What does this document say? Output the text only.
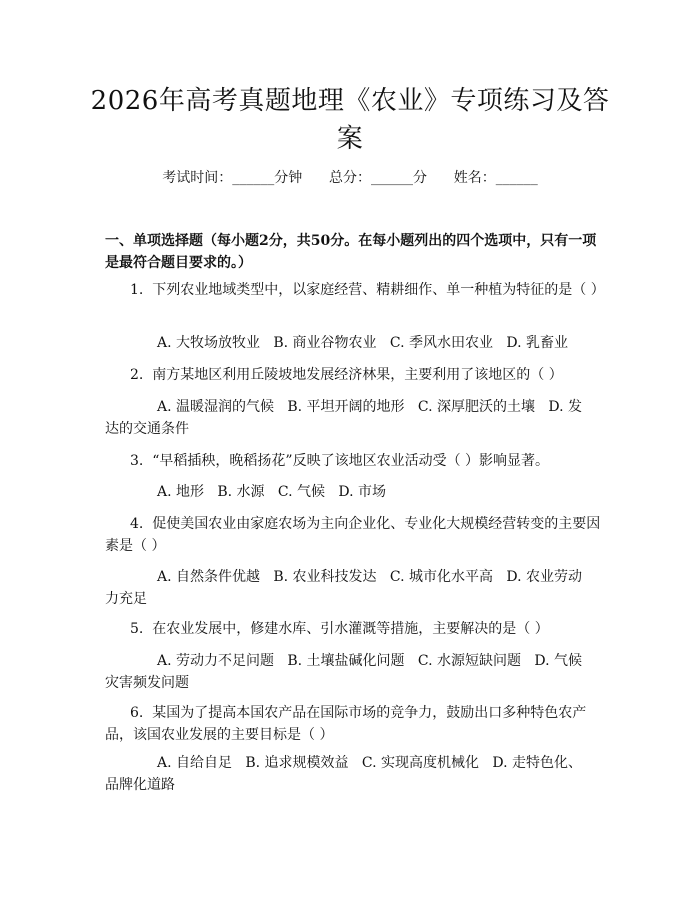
2026年高考真题地理《农业》专项练习及答案
考试时间：______分钟      总分：______分      姓名：______
一、单项选择题（每小题2分，共50分。在每小题列出的四个选项中，只有一项是最符合题目要求的。）
1.  下列农业地域类型中，以家庭经营、精耕细作、单一种植为特征的是（ ）
A. 大牧场放牧业   B. 商业谷物农业   C. 季风水田农业   D. 乳畜业
2.  南方某地区利用丘陵坡地发展经济林果，主要利用了该地区的（ ）
A. 温暖湿润的气候   B. 平坦开阔的地形   C. 深厚肥沃的土壤   D. 发达的交通条件
3.  “早稻插秧，晚稻扬花”反映了该地区农业活动受（ ）影响显著。
A. 地形   B. 水源   C. 气候   D. 市场
4.  促使美国农业由家庭农场为主向企业化、专业化大规模经营转变的主要因素是（ ）
A. 自然条件优越   B. 农业科技发达   C. 城市化水平高   D. 农业劳动力充足
5.  在农业发展中，修建水库、引水灌溉等措施，主要解决的是（ ）
A. 劳动力不足问题   B. 土壤盐碱化问题   C. 水源短缺问题   D. 气候灾害频发问题
6.  某国为了提高本国农产品在国际市场的竞争力，鼓励出口多种特色农产品，该国农业发展的主要目标是（ ）
A. 自给自足   B. 追求规模效益   C. 实现高度机械化   D. 走特色化、品牌化道路
